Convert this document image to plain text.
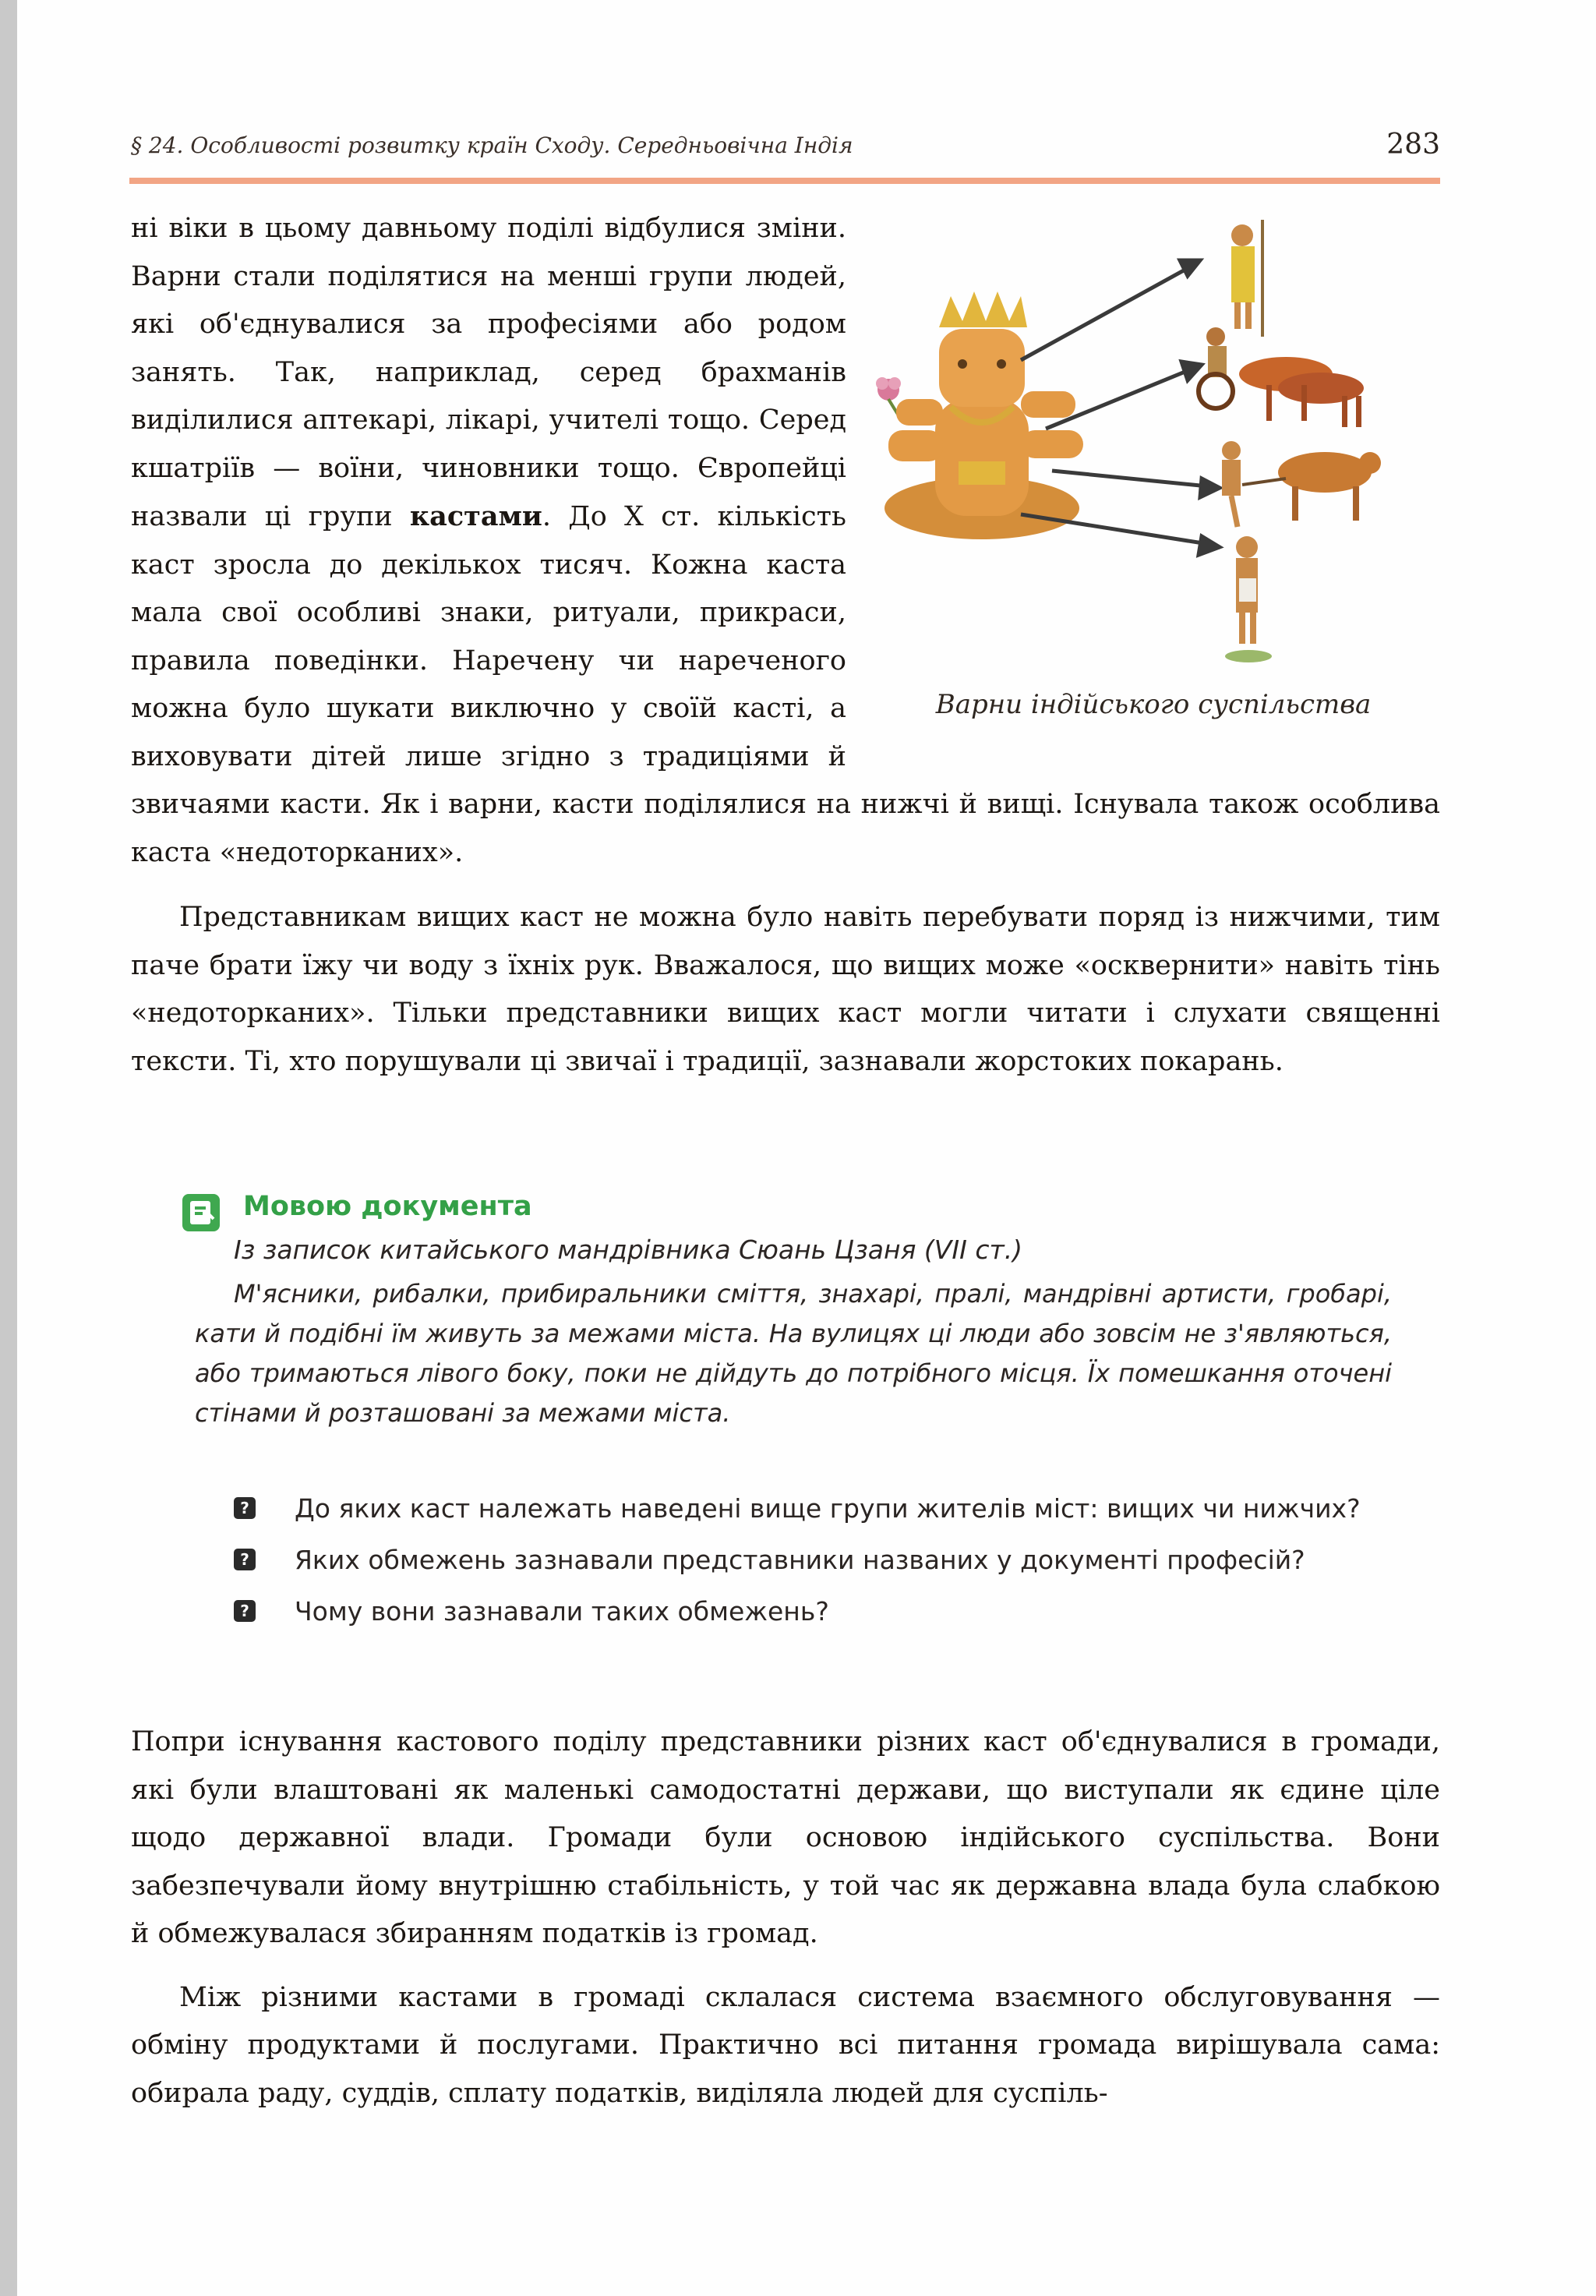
§ 24. Особливості розвитку країн Сходу. Середньовічна Індія	283
Варни індійського суспільства

ні віки в цьому давньому поділі відбулися зміни. Варни стали поділятися на менші групи людей, які об'єднувалися за професіями або родом занять. Так, наприклад, серед брахманів виділилися аптекарі, лікарі, учителі тощо. Серед кшатріїв — воїни, чиновники тощо. Європейці назвали ці групи кастами. До X ст. кількість каст зросла до декількох тисяч. Кожна каста мала свої особливі знаки, ритуали, прикраси, правила поведінки. Наречену чи нареченого можна було шукати виключно у своїй касті, а виховувати дітей лише згідно з традиціями й звичаями касти. Як і варни, касти поділялися на нижчі й вищі. Існувала також особлива каста «недоторканих».

Представникам вищих каст не можна було навіть перебувати поряд із нижчими, тим паче брати їжу чи воду з їхніх рук. Вважалося, що вищих може «осквернити» навіть тінь «недоторканих». Тільки представники вищих каст могли читати і слухати священні тексти. Ті, хто порушували ці звичаї і традиції, зазнавали жорстоких покарань.

Мовою документа
Із записок китайського мандрівника Сюань Цзаня (VII ст.)
М'ясники, рибалки, прибиральники сміття, знахарі, пралі, мандрівні артисти, гробарі, кати й подібні їм живуть за межами міста. На вулицях ці люди або зовсім не з'являються, або тримаються лівого боку, поки не дійдуть до потрібного місця. Їх помешкання оточені стінами й розташовані за межами міста.
? До яких каст належать наведені вище групи жителів міст: вищих чи нижчих?
? Яких обмежень зазнавали представники названих у документі професій?
? Чому вони зазнавали таких обмежень?

Попри існування кастового поділу представники різних каст об'єднувалися в громади, які були влаштовані як маленькі самодостатні держави, що виступали як єдине ціле щодо державної влади. Громади були основою індійського суспільства. Вони забезпечували йому внутрішню стабільність, у той час як державна влада була слабкою й обмежувалася збиранням податків із громад.

Між різними кастами в громаді склалася система взаємного обслуговування — обміну продуктами й послугами. Практично всі питання громада вирішувала сама: обирала раду, суддів, сплату податків, виділяла людей для суспіль-
